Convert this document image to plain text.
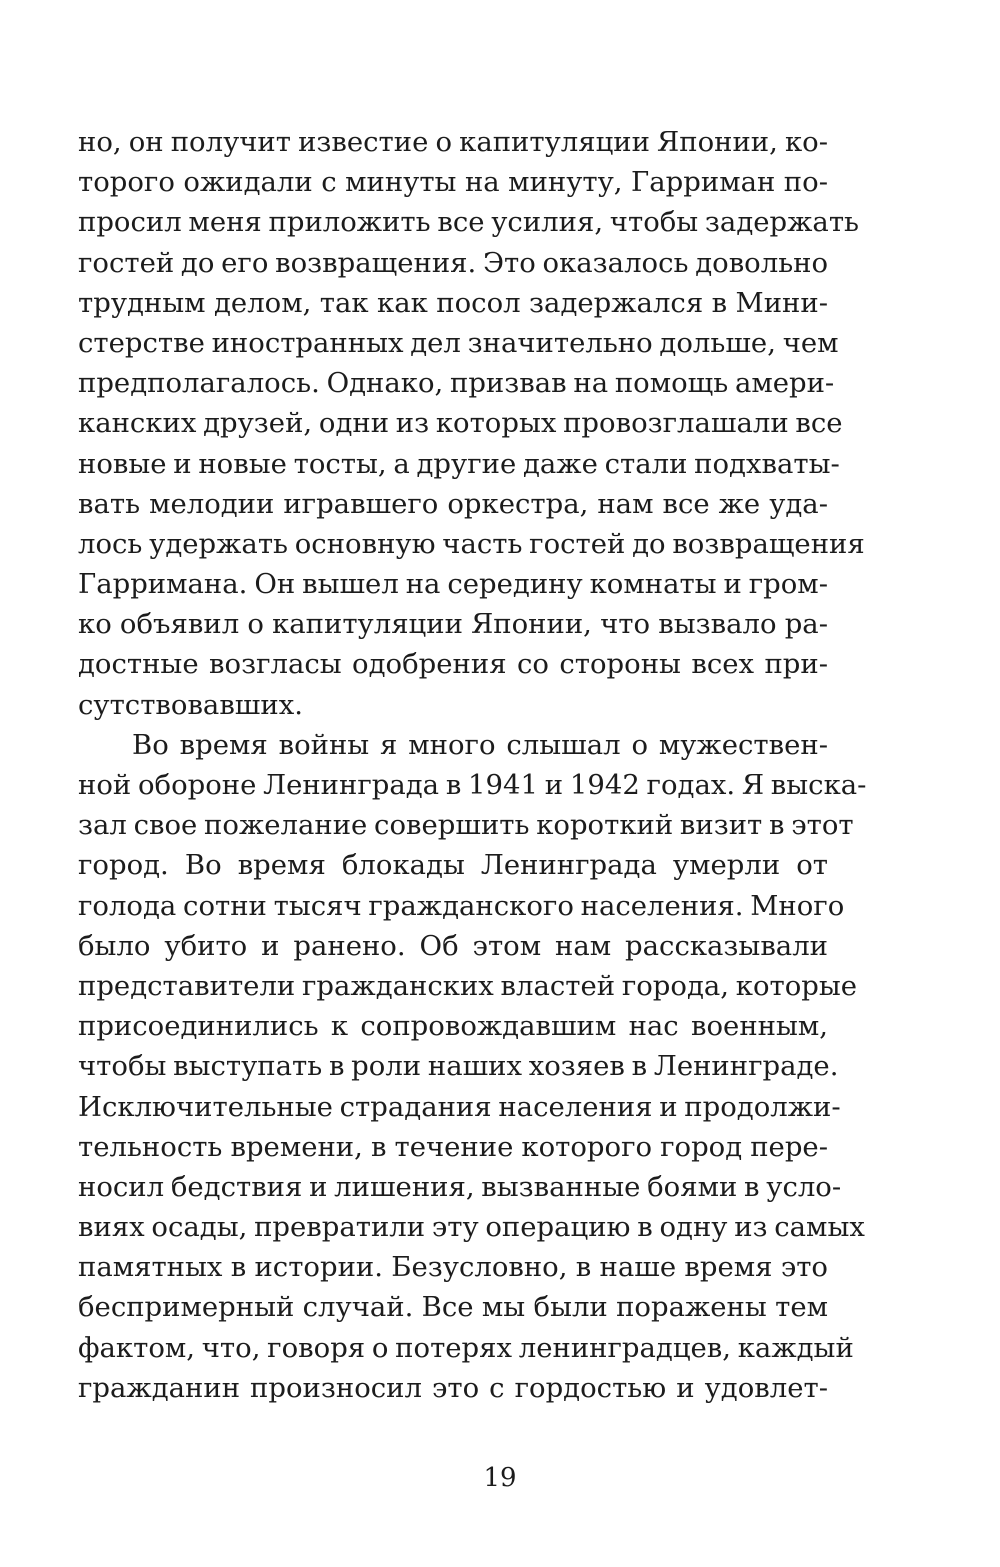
но, он получит известие о капитуляции Японии, ко-
торого ожидали с минуты на минуту, Гарриман по-
просил меня приложить все усилия, чтобы задержать
гостей до его возвращения. Это оказалось довольно
трудным делом, так как посол задержался в Мини-
стерстве иностранных дел значительно дольше, чем
предполагалось. Однако, призвав на помощь амери-
канских друзей, одни из которых провозглашали все
новые и новые тосты, а другие даже стали подхваты-
вать мелодии игравшего оркестра, нам все же уда-
лось удержать основную часть гостей до возвращения
Гарримана. Он вышел на середину комнаты и гром-
ко объявил о капитуляции Японии, что вызвало ра-
достные возгласы одобрения со стороны всех при-
сутствовавших.
Во время войны я много слышал о мужествен-
ной обороне Ленинграда в 1941 и 1942 годах. Я выска-
зал свое пожелание совершить короткий визит в этот
город. Во время блокады Ленинграда умерли от
голода сотни тысяч гражданского населения. Много
было убито и ранено. Об этом нам рассказывали
представители гражданских властей города, которые
присоединились к сопровождавшим нас военным,
чтобы выступать в роли наших хозяев в Ленинграде.
Исключительные страдания населения и продолжи-
тельность времени, в течение которого город пере-
носил бедствия и лишения, вызванные боями в усло-
виях осады, превратили эту операцию в одну из самых
памятных в истории. Безусловно, в наше время это
беспримерный случай. Все мы были поражены тем
фактом, что, говоря о потерях ленинградцев, каждый
гражданин произносил это с гордостью и удовлет-
19
